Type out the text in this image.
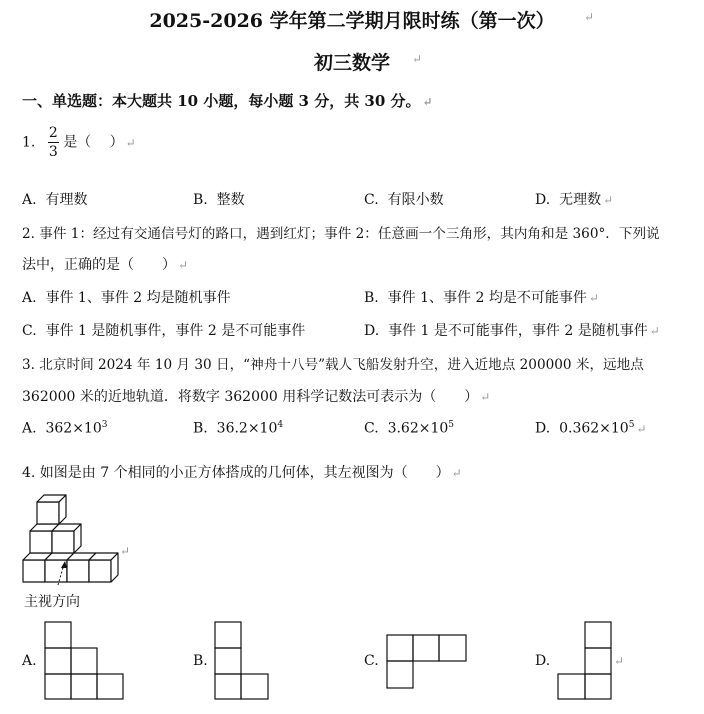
2025-2026 学年第二学期月限时练（第一次）	↵
初三数学	↵
一、单选题：本大题共 10 小题，每小题 3 分，共 30 分。 ↵
1. $\frac{2}{3}$ 是（　 ） ↵
A. 有理数	B. 整数	C. 有限小数	D. 无理数 ↵
2. 事件 1：经过有交通信号灯的路口，遇到红灯；事件 2：任意画一个三角形，其内角和是 360°．下列说
法中，正确的是（　　） ↵
A. 事件 1、事件 2 均是随机事件	B. 事件 1、事件 2 均是不可能事件 ↵
C. 事件 1 是随机事件，事件 2 是不可能事件	D. 事件 1 是不可能事件，事件 2 是随机事件 ↵
3. 北京时间 2024 年 10 月 30 日，“神舟十八号”载人飞船发射升空，进入近地点 200000 米，远地点
362000 米的近地轨道．将数字 362000 用科学记数法可表示为（　　） ↵
A. $362\times 10^3$	B. $36.2\times 10^4$	C. $3.62\times 10^5$	D. $0.362\times 10^5$ ↵
4. 如图是由 7 个相同的小正方体搭成的几何体，其左视图为（　　） ↵
↵
主视方向
A.	B.	C.	D.	↵
